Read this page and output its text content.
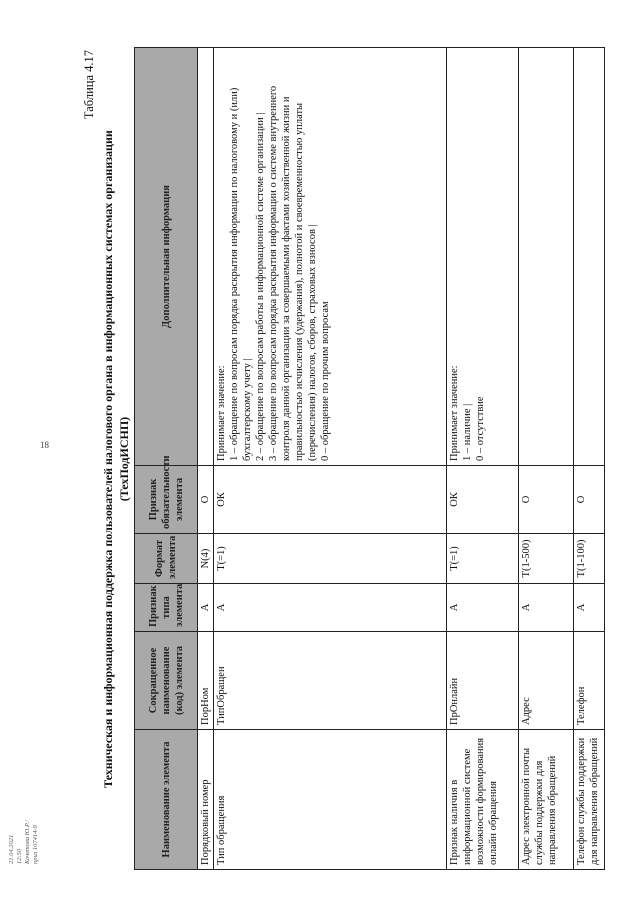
18
21.04.2021 12:50 Кочетова Ю.Р./приз 107414-9
Таблица 4.17
Техническая и информационная поддержка пользователей налогового органа в информационных системах организации (ТехПодИСНП)
Наименование элемента	Сокращенное наименование (код) элемента	Признак типа элемента	Формат элемента	Признак обязательности элемента	Дополнительная информация
Порядковый номер	ПорНом	А	N(4)	О	
Тип обращения	ТипОбращен	А	T(=1)	ОК	Принимает значение: 1 – обращение по вопросам порядка раскрытия информации по налоговому и (или) бухгалтерскому учету | 2 – обращение по вопросам работы в информационной системе организации | 3 – обращение по вопросам порядка раскрытия информации о системе внутреннего контроля данной организации за совершаемыми фактами хозяйственной жизни и правильностью исчисления (удержания), полнотой и своевременностью уплаты (перечисления) налогов, сборов, страховых взносов | 0 – обращение по прочим вопросам

Признак наличия в информационной системе возможности формирования онлайн обращения	ПрОнлайн	А	T(=1)	ОК	Принимает значение: 1 – наличие | 0 – отсутствие

Адрес электронной почты службы поддержки для направления обращений	Адрес	А	T(1-500)	О	
Телефон службы поддержки для направления обращений	Телефон	А	T(1-100)	О	
